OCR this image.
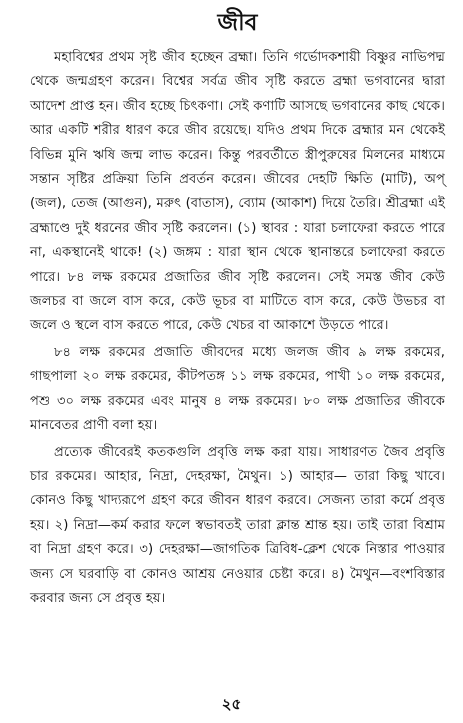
জীব

মহাবিশ্বের প্রথম সৃষ্ট জীব হচ্ছেন ব্রহ্মা। তিনি গর্ভোদকশায়ী বিষ্ণুর নাভিপদ্ম থেকে জন্মগ্রহণ করেন। বিশ্বের সর্বত্র জীব সৃষ্টি করতে ব্রহ্মা ভগবানের দ্বারা আদেশ প্রাপ্ত হন। জীব হচ্ছে চিৎকণা। সেই কণাটি আসছে ভগবানের কাছ থেকে। আর একটি শরীর ধারণ করে জীব রয়েছে। যদিও প্রথম দিকে ব্রহ্মার মন থেকেই বিভিন্ন মুনি ঋষি জন্ম লাভ করেন। কিন্তু পরবর্তীতে স্ত্রীপুরুষের মিলনের মাধ্যমে সন্তান সৃষ্টির প্রক্রিয়া তিনি প্রবর্তন করেন। জীবের দেহটি ক্ষিতি (মাটি), অপ্‌ (জল), তেজ (আগুন), মরুৎ (বাতাস), ব্যোম (আকাশ) দিয়ে তৈরি। শ্রীব্রহ্মা এই ব্রহ্মাণ্ডে দুই ধরনের জীব সৃষ্টি করলেন। (১) স্থাবর : যারা চলাফেরা করতে পারে না, একস্থানেই থাকে! (২) জঙ্গম : যারা স্থান থেকে স্থানান্তরে চলাফেরা করতে পারে। ৮৪ লক্ষ রকমের প্রজাতির জীব সৃষ্টি করলেন। সেই সমস্ত জীব কেউ জলচর বা জলে বাস করে, কেউ ভূচর বা মাটিতে বাস করে, কেউ উভচর বা জলে ও স্থলে বাস করতে পারে, কেউ খেচর বা আকাশে উড়তে পারে।

৮৪ লক্ষ রকমের প্রজাতি জীবদের মধ্যে জলজ জীব ৯ লক্ষ রকমের, গাছপালা ২০ লক্ষ রকমের, কীটপতঙ্গ ১১ লক্ষ রকমের, পাখী ১০ লক্ষ রকমের, পশু ৩০ লক্ষ রকমের এবং মানুষ ৪ লক্ষ রকমের। ৮০ লক্ষ প্রজাতির জীবকে মানবেতর প্রাণী বলা হয়।

প্রত্যেক জীবেরই কতকগুলি প্রবৃত্তি লক্ষ করা যায়। সাধারণত জৈব প্রবৃত্তি চার রকমের। আহার, নিদ্রা, দেহরক্ষা, মৈথুন। ১) আহার— তারা কিছু খাবে। কোনও কিছু খাদ্যরূপে গ্রহণ করে জীবন ধারণ করবে। সেজন্য তারা কর্মে প্রবৃত্ত হয়। ২) নিদ্রা—কর্ম করার ফলে স্বভাবতই তারা ক্লান্ত শ্রান্ত হয়। তাই তারা বিশ্রাম বা নিদ্রা গ্রহণ করে। ৩) দেহরক্ষা—জাগতিক ত্রিবিধ-ক্লেশ থেকে নিস্তার পাওয়ার জন্য সে ঘরবাড়ি বা কোনও আশ্রয় নেওয়ার চেষ্টা করে। ৪) মৈথুন—বংশবিস্তার করবার জন্য সে প্রবৃত্ত হয়।

২৫
